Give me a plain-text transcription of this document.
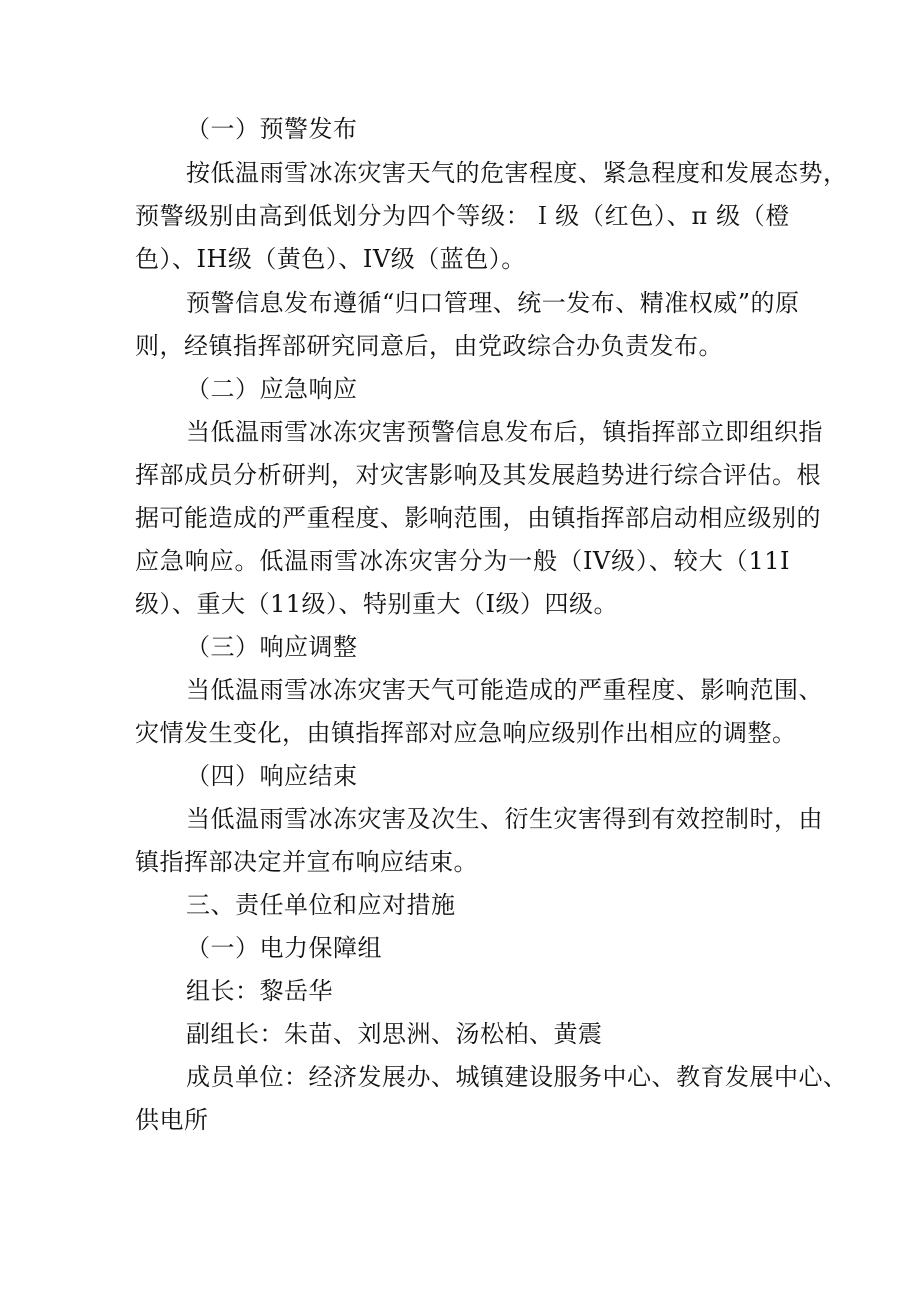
（一）预警发布
按低温雨雪冰冻灾害天气的危害程度、紧急程度和发展态势，
预警级别由高到低划分为四个等级：Ｉ级（红色）、π 级（橙
色）、IH级（黄色）、IV级（蓝色）。
预警信息发布遵循“归口管理、统一发布、精准权威”的原
则，经镇指挥部研究同意后，由党政综合办负责发布。
（二）应急响应
当低温雨雪冰冻灾害预警信息发布后，镇指挥部立即组织指
挥部成员分析研判，对灾害影响及其发展趋势进行综合评估。根
据可能造成的严重程度、影响范围，由镇指挥部启动相应级别的
应急响应。低温雨雪冰冻灾害分为一般（IV级）、较大（11I
级）、重大（11级）、特别重大（I级）四级。
（三）响应调整
当低温雨雪冰冻灾害天气可能造成的严重程度、影响范围、
灾情发生变化，由镇指挥部对应急响应级别作出相应的调整。
（四）响应结束
当低温雨雪冰冻灾害及次生、衍生灾害得到有效控制时，由
镇指挥部决定并宣布响应结束。
三、责任单位和应对措施
（一）电力保障组
组长：黎岳华
副组长：朱苗、刘思洲、汤松柏、黄震
成员单位：经济发展办、城镇建设服务中心、教育发展中心、
供电所
